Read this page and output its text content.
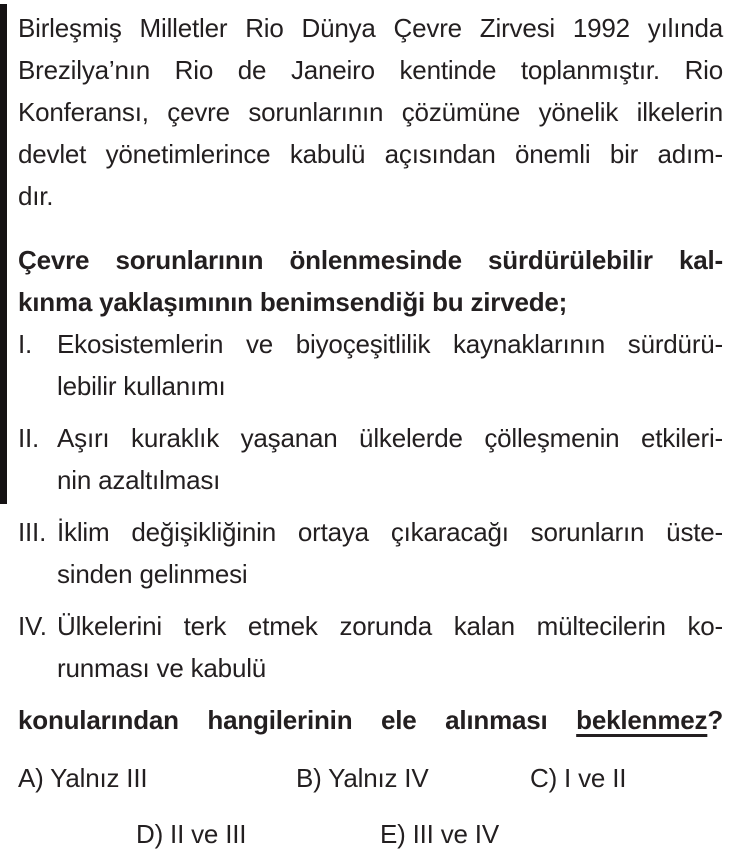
Birleşmiş Milletler Rio Dünya Çevre Zirvesi 1992 yılında
Brezilya’nın Rio de Janeiro kentinde toplanmıştır. Rio
Konferansı, çevre sorunlarının çözümüne yönelik ilkelerin
devlet yönetimlerince kabulü açısından önemli bir adım-
dır.

Çevre sorunlarının önlenmesinde sürdürülebilir kal-
kınma yaklaşımının benimsendiği bu zirvede;

I. Ekosistemlerin ve biyoçeşitlilik kaynaklarının sürdürü-
lebilir kullanımı
II. Aşırı kuraklık yaşanan ülkelerde çölleşmenin etkileri-
nin azaltılması
III. İklim değişikliğinin ortaya çıkaracağı sorunların üste-
sinden gelinmesi
IV. Ülkelerini terk etmek zorunda kalan mültecilerin ko-
runması ve kabulü

konularından hangilerinin ele alınması beklenmez?

A) Yalnız III	B) Yalnız IV	C) I ve II
D) II ve III	E) III ve IV
